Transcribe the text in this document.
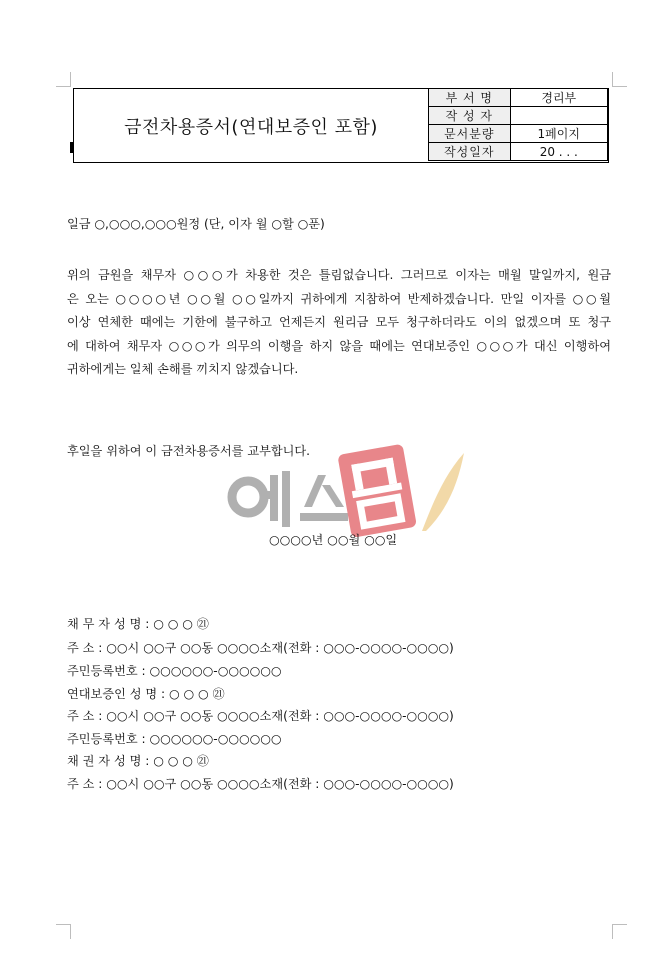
금전차용증서(연대보증인 포함)
부 서 명	경리부
작 성 자	
문서분량	1페이지
작성일자	20 . . .
일금 ○,○○○,○○○원정 (단, 이자 월 ○할 ○푼)
위의 금원을 채무자 ○○○가 차용한 것은 틀림없습니다. 그러므로 이자는 매월 말일까지, 원금
은 오는 ○○○○년 ○○월 ○○일까지 귀하에게 지참하여 반제하겠습니다. 만일 이자를 ○○월
이상 연체한 때에는 기한에 불구하고 언제든지 원리금 모두 청구하더라도 이의 없겠으며 또 청구
에 대하여 채무자 ○○○가 의무의 이행을 하지 않을 때에는 연대보증인 ○○○가 대신 이행하여
귀하에게는 일체 손해를 끼치지 않겠습니다.
후일을 위하여 이 금전차용증서를 교부합니다.
○○○○년 ○○월 ○○일
채 무 자 성 명 : ○ ○ ○ ㉑
주 소 : ○○시 ○○구 ○○동 ○○○○소재(전화 : ○○○-○○○○-○○○○)
주민등록번호 : ○○○○○○-○○○○○○
연대보증인 성 명 : ○ ○ ○ ㉑
주 소 : ○○시 ○○구 ○○동 ○○○○소재(전화 : ○○○-○○○○-○○○○)
주민등록번호 : ○○○○○○-○○○○○○
채 권 자 성 명 : ○ ○ ○ ㉑
주 소 : ○○시 ○○구 ○○동 ○○○○소재(전화 : ○○○-○○○○-○○○○)
